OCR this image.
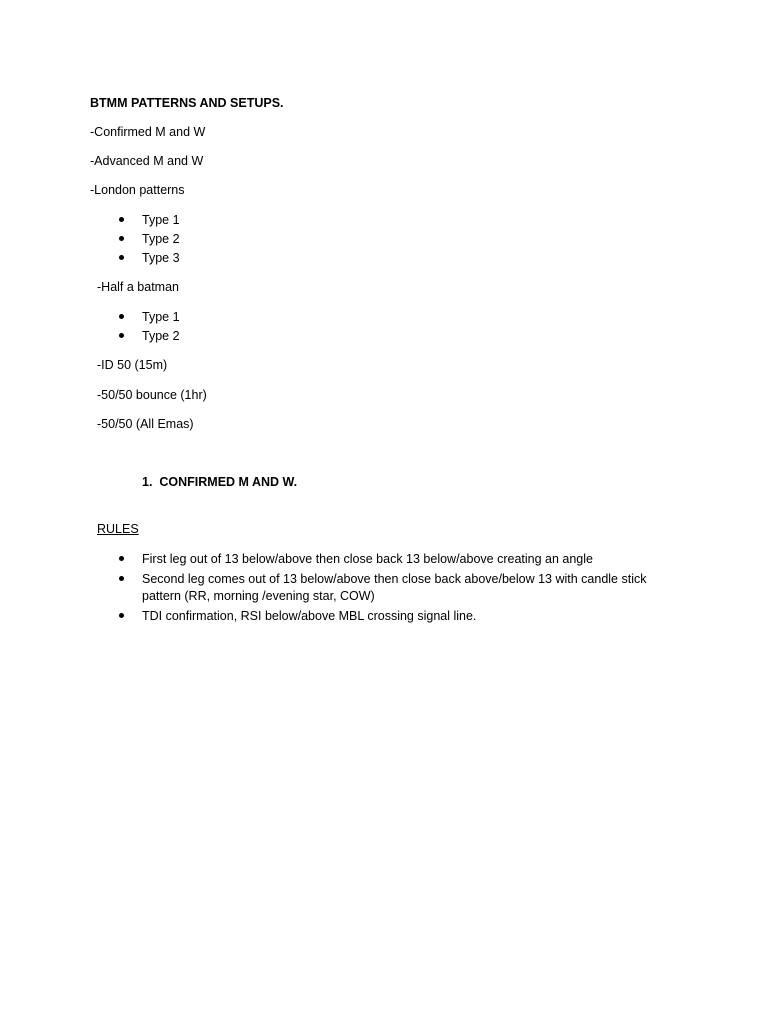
BTMM PATTERNS AND SETUPS.
-Confirmed M and W
-Advanced M and W
-London patterns
Type 1
Type 2
Type 3
-Half a batman
Type 1
Type 2
-ID 50 (15m)
-50/50 bounce (1hr)
-50/50 (All Emas)
1.  CONFIRMED M AND W.
RULES
First leg out of 13 below/above then close back 13 below/above creating an angle
Second leg comes out of 13 below/above then close back above/below 13 with candle stick pattern (RR, morning /evening star, COW)
TDI confirmation, RSI below/above MBL crossing signal line.
